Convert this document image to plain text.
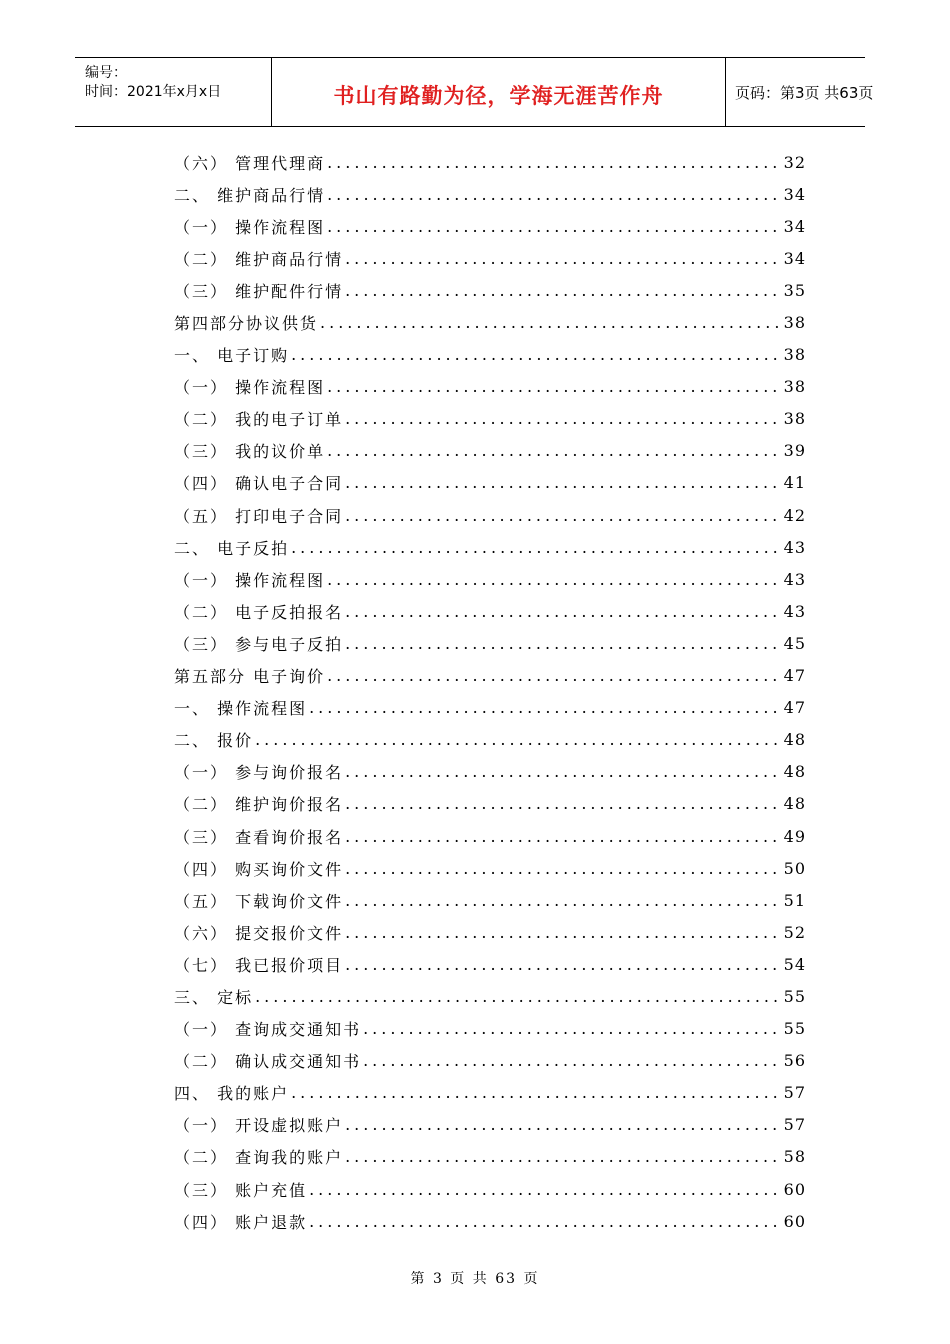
编号：
时间：2021年x月x日	书山有路勤为径，学海无涯苦作舟	页码：第3页 共63页
（六） 管理代理商 .....	32
二、 维护商品行情 .....	34
（一） 操作流程图 .....	34
（二） 维护商品行情 .....	34
（三） 维护配件行情 .....	35
第四部分协议供货 .....	38
一、 电子订购 .....	38
（一） 操作流程图 .....	38
（二） 我的电子订单 .....	38
（三） 我的议价单 .....	39
（四） 确认电子合同 .....	41
（五） 打印电子合同 .....	42
二、 电子反拍 .....	43
（一） 操作流程图 .....	43
（二） 电子反拍报名 .....	43
（三） 参与电子反拍 .....	45
第五部分 电子询价 .....	47
一、 操作流程图 .....	47
二、 报价 .....	48
（一） 参与询价报名 .....	48
（二） 维护询价报名 .....	48
（三） 查看询价报名 .....	49
（四） 购买询价文件 .....	50
（五） 下载询价文件 .....	51
（六） 提交报价文件 .....	52
（七） 我已报价项目 .....	54
三、 定标 .....	55
（一） 查询成交通知书 .....	55
（二） 确认成交通知书 .....	56
四、 我的账户 .....	57
（一） 开设虚拟账户 .....	57
（二） 查询我的账户 .....	58
（三） 账户充值 .....	60
（四） 账户退款 .....	60
第 3 页 共 63 页
